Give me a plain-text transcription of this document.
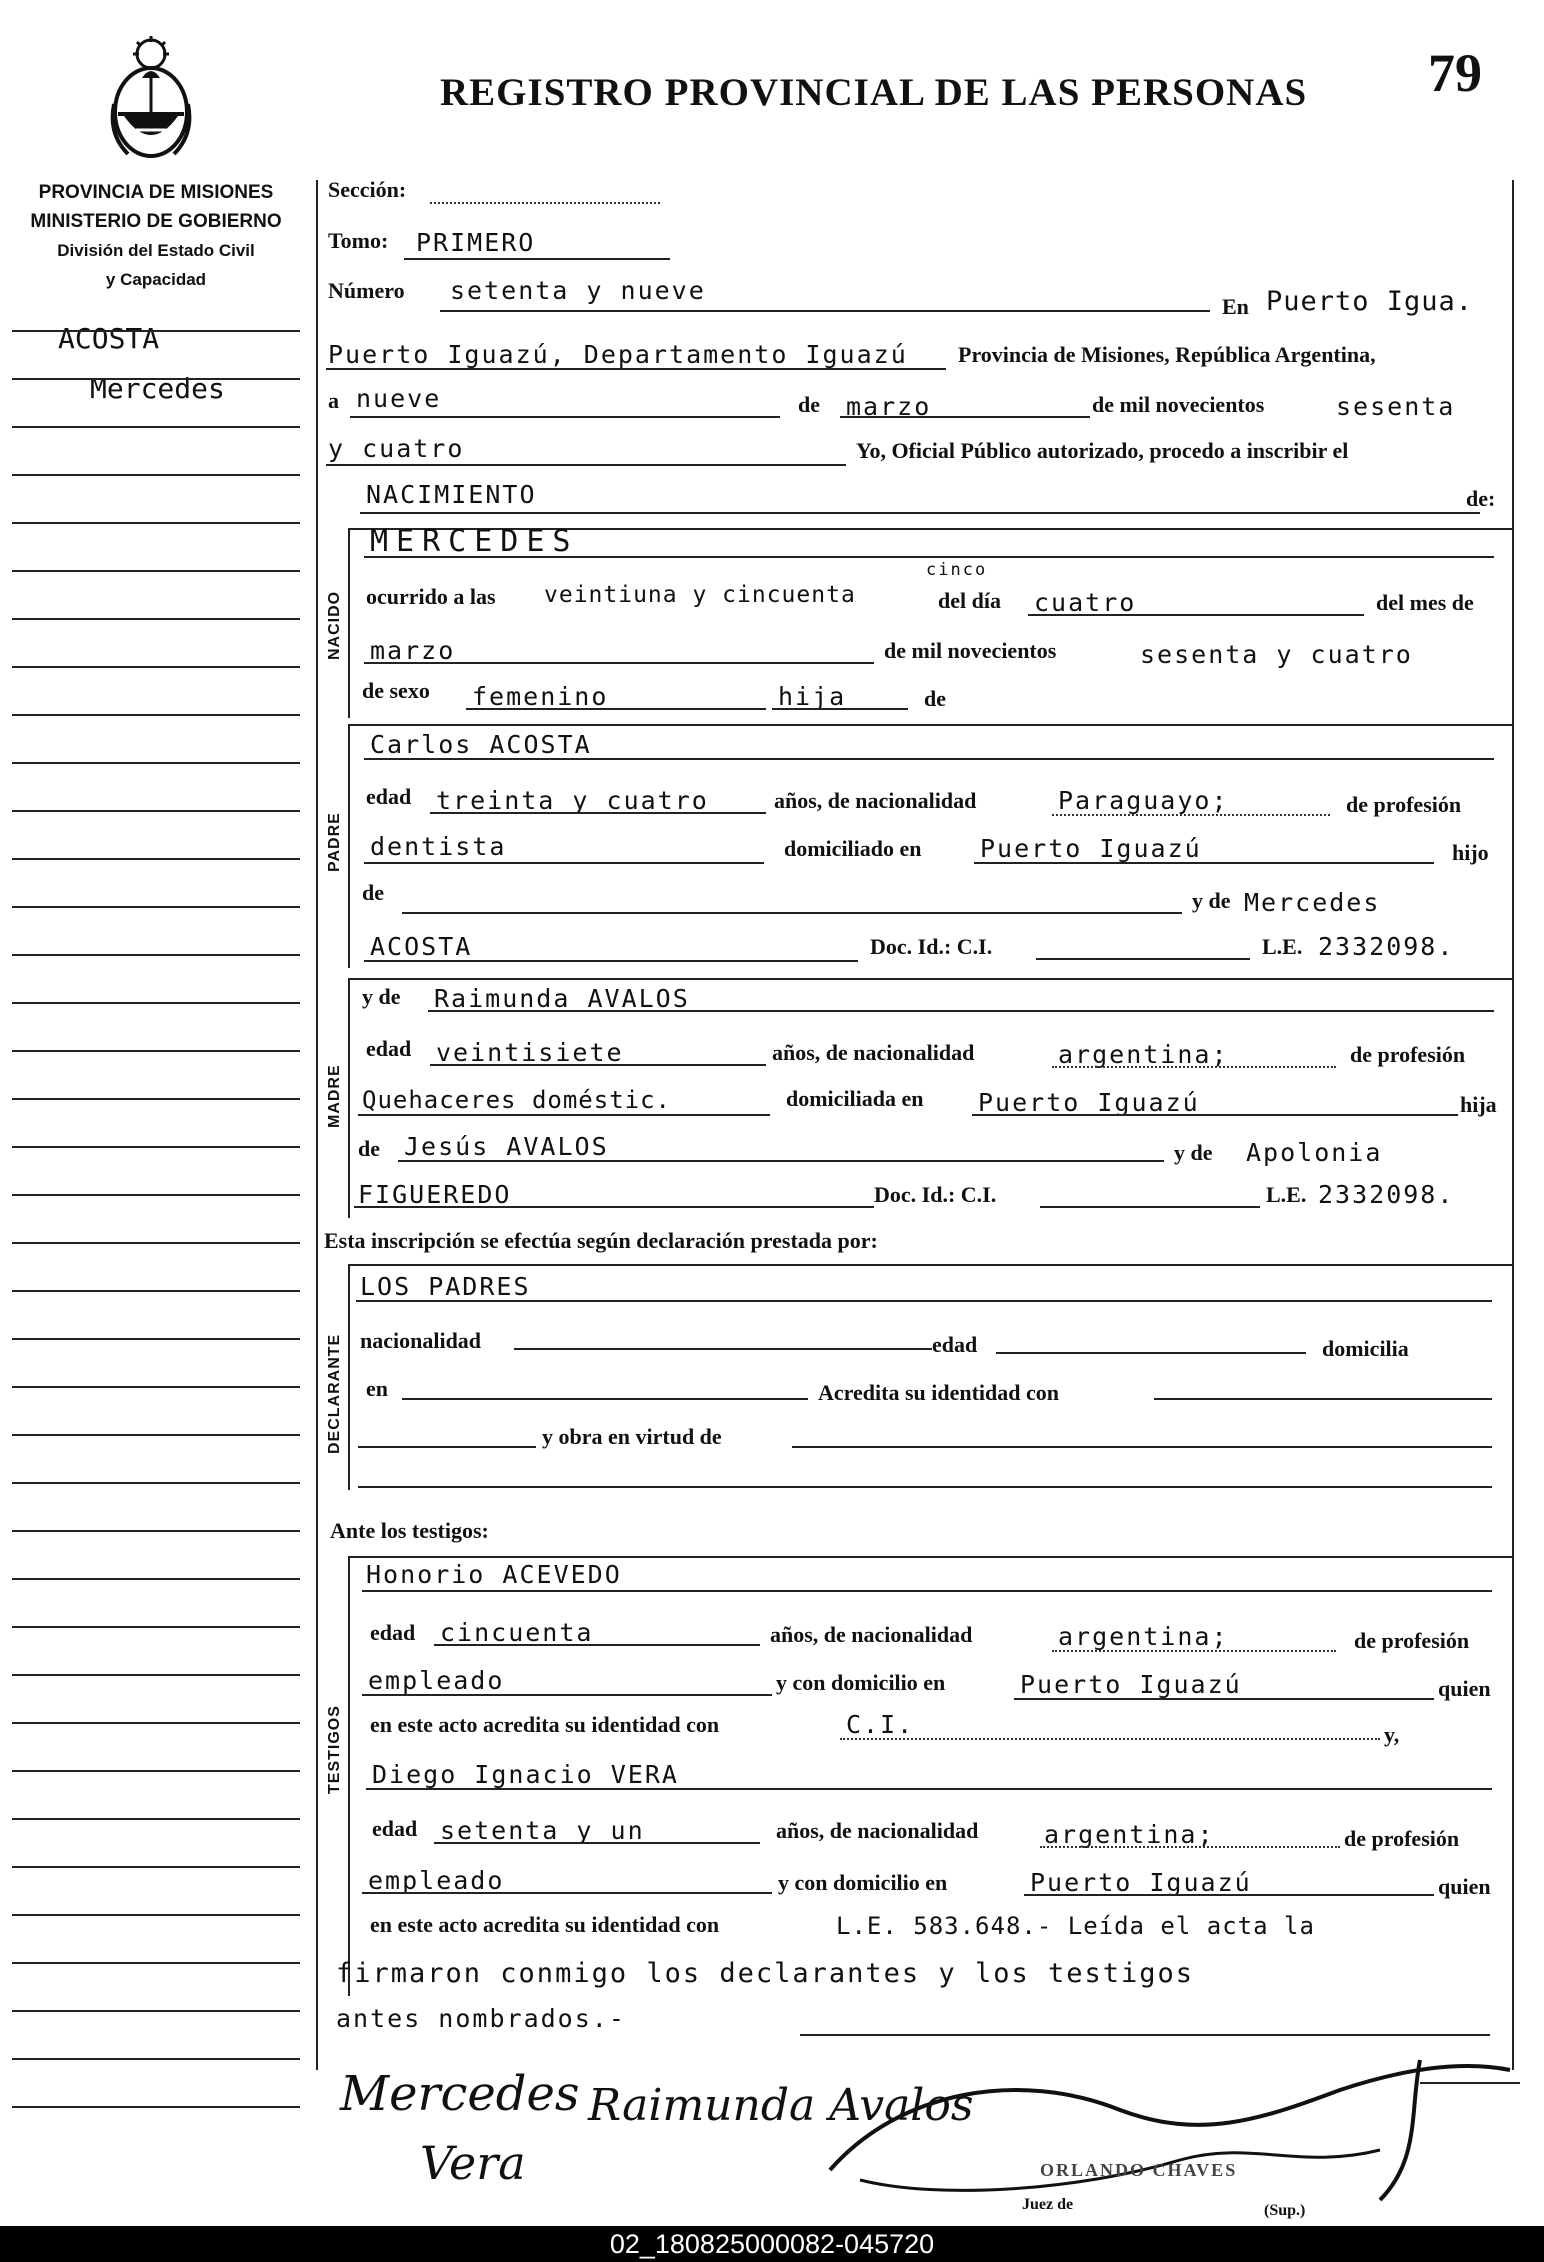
REGISTRO PROVINCIAL DE LAS PERSONAS 79
PROVINCIA DE MISIONES
MINISTERIO DE GOBIERNO
División del Estado Civil
y Capacidad
ACOSTA
Mercedes
Sección:
Tomo: PRIMERO
Número setenta y nueve
En Puerto Igua.
Puerto Iguazú, Departamento Iguazú Provincia de Misiones, República Argentina,
a nueve	de marzo	de mil novecientos	sesenta
y cuatro	Yo, Oficial Público autorizado, procedo a inscribir el
NACIMIENTO	de:
NACIDO
MERCEDES
ocurrido a las veintiuna y cincuenta
cinco
del día cuatro	del mes de
marzo	de mil novecientos	sesenta y cuatro
de sexo femenino	hija	de
PADRE
Carlos ACOSTA
edad treinta y cuatro	años, de nacionalidad	Paraguayo;	de profesión
dentista	domiciliado en Puerto Iguazú	hijo
de	y de Mercedes
ACOSTA	Doc. Id.: C.I.	L.E. 2332098.
MADRE
y de Raimunda AVALOS
edad veintisiete	años, de nacionalidad	argentina;	de profesión
Quehaceres doméstic.	domiciliada en Puerto Iguazú	hija
de Jesús AVALOS	y de Apolonia
FIGUEREDO	Doc. Id.: C.I.	L.E. 2332098.
Esta inscripción se efectúa según declaración prestada por:
DECLARANTE
LOS PADRES
nacionalidad	edad	domicilia
en	Acredita su identidad con
y obra en virtud de
Ante los testigos:
TESTIGOS
Honorio ACEVEDO
edad cincuenta	años, de nacionalidad	argentina;	de profesión
empleado	y con domicilio en	Puerto Iguazú	quien
en este acto acredita su identidad con	C.I.	y,
Diego Ignacio VERA
edad setenta y un	años, de nacionalidad	argentina;	de profesión
empleado	y con domicilio en	Puerto Iguazú	quien
en este acto acredita su identidad con	L.E. 583.648.- Leída el acta la
firmaron conmigo los declarantes y los testigos
antes nombrados.-
Mercedes Raimunda Avalos
Vera	ORLANDO CHAVES
Juez de	(Sup.)
02_180825000082-045720
